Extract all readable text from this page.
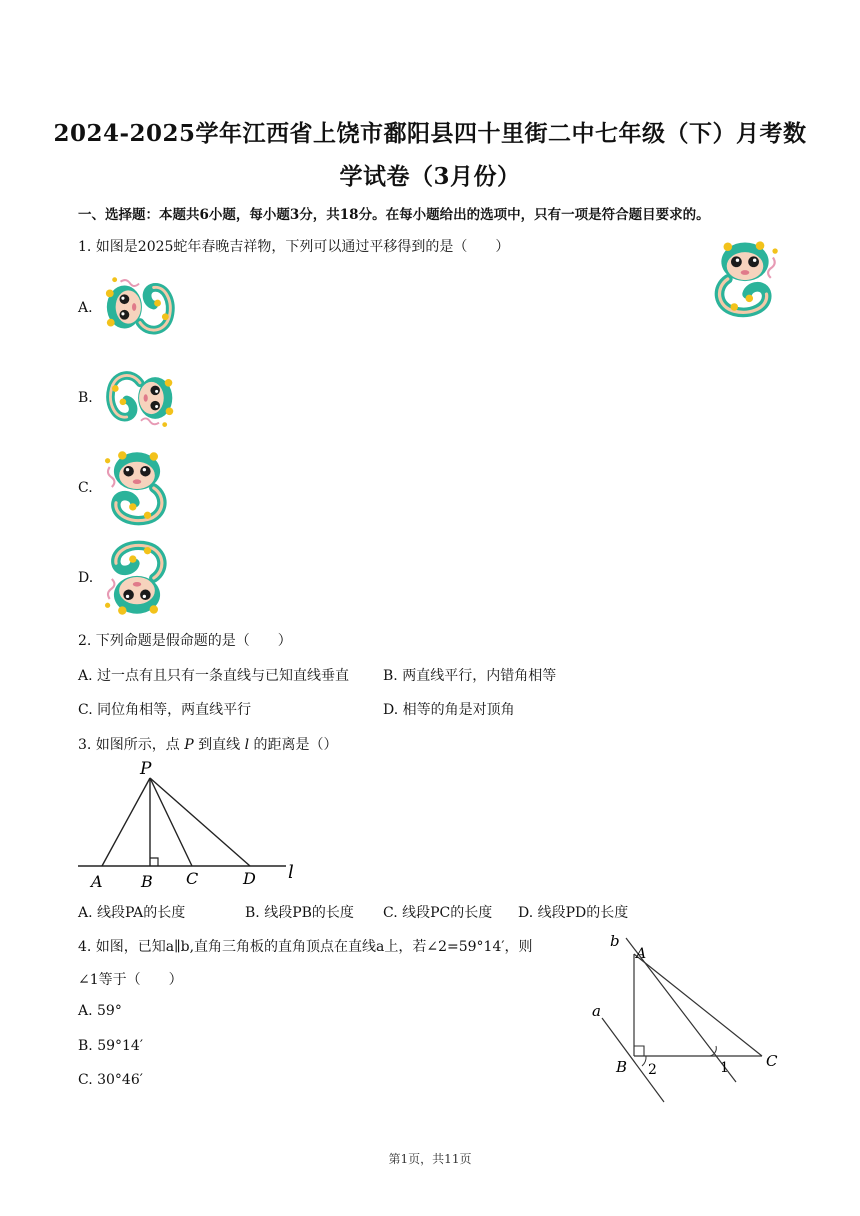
2024-2025学年江西省上饶市鄱阳县四十里街二中七年级（下）月考数
学试卷（3月份）
一、选择题：本题共6小题，每小题3分，共18分。在每小题给出的选项中，只有一项是符合题目要求的。
1. 如图是2025蛇年春晚吉祥物，下列可以通过平移得到的是（　　）
A.
B.
C.
D.
2. 下列命题是假命题的是（　　）
A. 过一点有且只有一条直线与已知直线垂直 B. 两直线平行，内错角相等
C. 同位角相等，两直线平行	D. 相等的角是对顶角
3. 如图所示，点 P 到直线 l 的距离是（）
P
A B C	D l
A. 线段PA的长度	B. 线段PB的长度 C. 线段PC的长度 D. 线段PD的长度
4. 如图，已知a∥b,直角三角板的直角顶点在直线a上，若∠2=59°14′，则
∠1等于（　　）
A. 59°
B. 59°14′
C. 30°46′
b
A
a
B	C
2	1
第1页，共11页
